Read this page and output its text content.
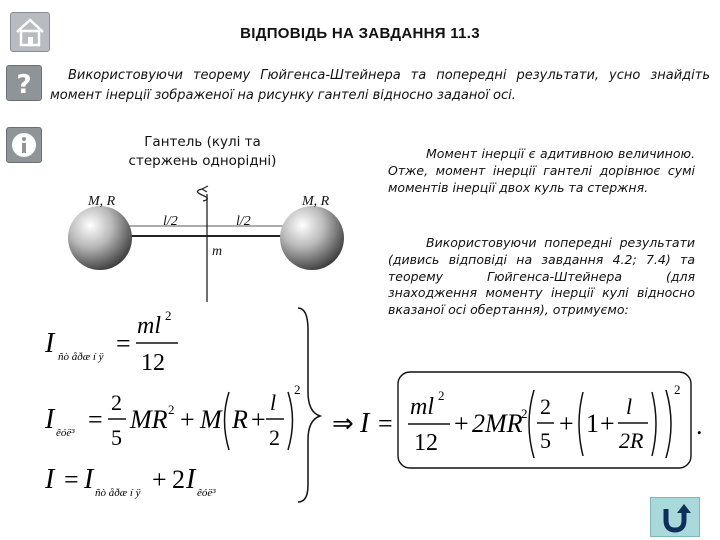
?
ВІДПОВІДЬ НА ЗАВДАННЯ 11.3
Використовуючи теорему Гюйгенса-Штейнера та попередні результати, усно знайдіть момент інерції зображеної на рисунку гантелі відносно заданої осі.
Гантель (кулі та стержень однорідні)
M, R	M, R
l/2	l/2
m
Момент інерції є адитивною величиною. Отже, момент інерції гантелі дорівнює сумі моментів інерції двох куль та стержня.
Використовуючи попередні результати (дивись відповіді на завдання 4.2; 7.4) та теорему Гюйгенса-Штейнера (для знаходження моменту інерції кулі відносно вказаної осі обертання), отримуємо:
I ñò åðæ í ÿ =
ml 2
12
I êóë³ =
2
5
MR 2 + M R +
l
2
2
I = I ñò åðæ í ÿ + 2 I êóë³
⇒ I =
ml 2
12
+ 2MR
2 2
5
+ 1 +
l
2R
2
.
